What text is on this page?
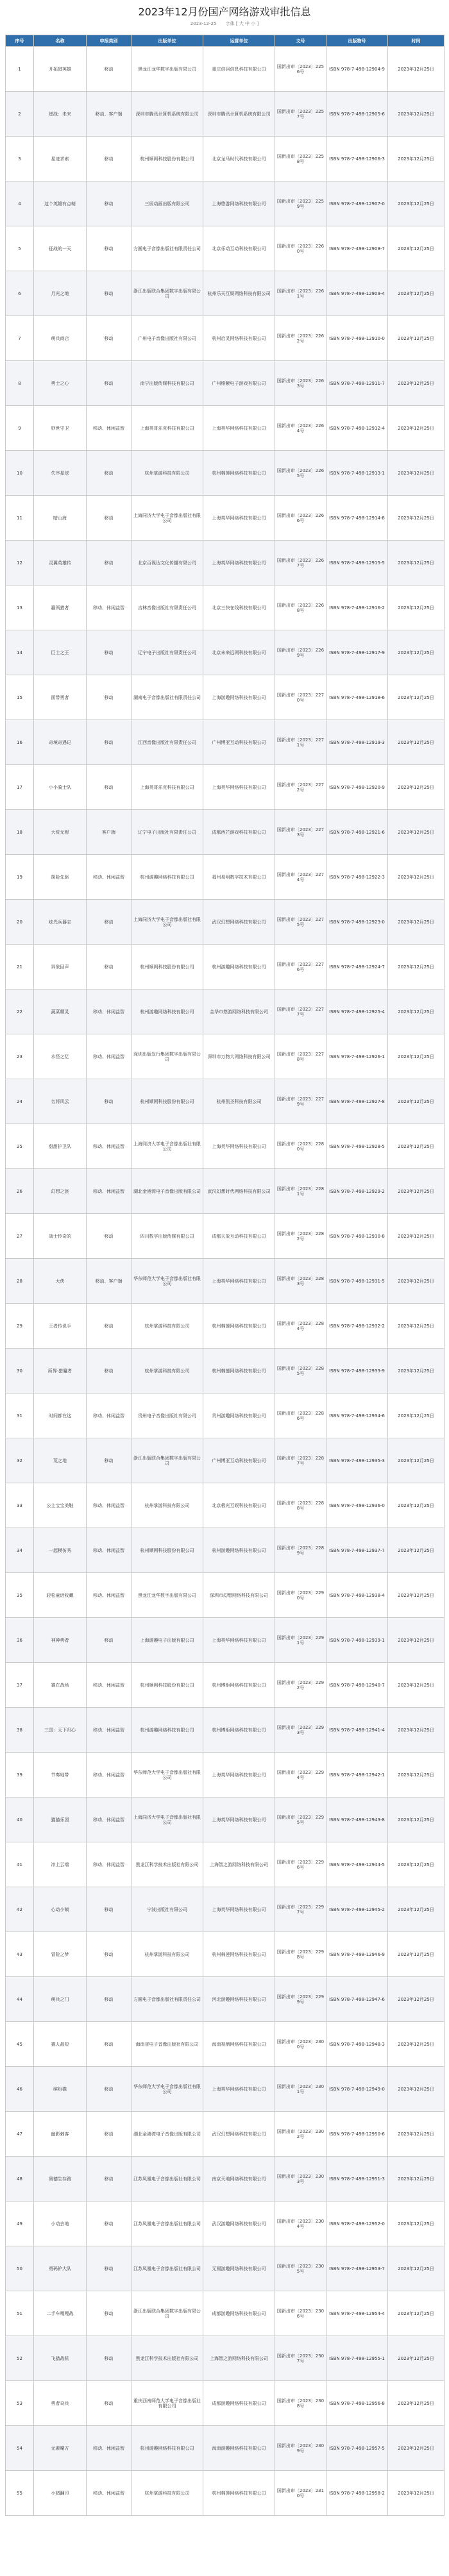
2023年12月份国产网络游戏审批信息
2023-12-25 字体 [ 大 中 小 ]
序号	名称	申报类别	出版单位	运营单位	文号	出版物号	时间
1	开拓猎英雄	移动	黑龙江龙华数字出版有限公司	重庆信码信息科技有限公司	国新出审〔2023〕2256号	ISBN 978-7-498-12904-9	2023年12月25日
2	逆战：未来	移动、客户端	深圳市腾讯计算机系统有限公司	深圳市腾讯计算机系统有限公司	国新出审〔2023〕2257号	ISBN 978-7-498-12905-6	2023年12月25日
3	星迹求索	移动	杭州顺网科技股份有限公司	北京龙马时代科技有限公司	国新出审〔2023〕2258号	ISBN 978-7-498-12906-3	2023年12月25日
4	这个英雄有点萌	移动	三辰动画出版有限公司	上海悠游网络科技有限公司	国新出审〔2023〕2259号	ISBN 978-7-498-12907-0	2023年12月25日
5	征战的一天	移动	方圆电子音像出版社有限责任公司	北京乐动互动科技有限公司	国新出审〔2023〕2260号	ISBN 978-7-498-12908-7	2023年12月25日
6	月光之地	移动	浙江出版联合集团数字出版有限公司	杭州乐天互娱网络科技有限公司	国新出审〔2023〕2261号	ISBN 978-7-498-12909-4	2023年12月25日
7	萌兵商店	移动	广州电子音像出版社有限公司	杭州启灵网络科技有限公司	国新出审〔2023〕2262号	ISBN 978-7-498-12910-0	2023年12月25日
8	勇士之心	移动	南宁出版传媒科技有限公司	广州绯紫电子游戏有限公司	国新出审〔2023〕2263号	ISBN 978-7-498-12911-7	2023年12月25日
9	妙世守卫	移动、休闲益智	上海英哥乐克科技有限公司	上海英华网络科技有限公司	国新出审〔2023〕2264号	ISBN 978-7-498-12912-4	2023年12月25日
10	失序星球	移动	杭州掌游科技有限公司	杭州棉莲网络科技有限公司	国新出审〔2023〕2265号	ISBN 978-7-498-12913-1	2023年12月25日
11	暗山海	移动	上海同济大学电子音像出版社有限公司	上海英华网络科技有限公司	国新出审〔2023〕2266号	ISBN 978-7-498-12914-8	2023年12月25日
12	灵翼英雄传	移动	北京百视达文化传播有限公司	上海英华网络科技有限公司	国新出审〔2023〕2267号	ISBN 978-7-498-12915-5	2023年12月25日
13	赢领猎者	移动、休闲益智	吉林音像出版社有限责任公司	北京三快在线科技有限公司	国新出审〔2023〕2268号	ISBN 978-7-498-12916-2	2023年12月25日
14	巨士之王	移动	辽宁电子出版社有限责任公司	北京未来远网科技有限公司	国新出审〔2023〕2269号	ISBN 978-7-498-12917-9	2023年12月25日
15	面带勇者	移动	湖南电子音像出版社有限责任公司	上海游趣网络科技有限公司	国新出审〔2023〕2270号	ISBN 978-7-498-12918-6	2023年12月25日
16	奇境奇遇记	移动	江西音像出版社有限责任公司	广州博亚互动科技有限公司	国新出审〔2023〕2271号	ISBN 978-7-498-12919-3	2023年12月25日
17	小小骑士队	移动	上海英哥乐克科技有限公司	上海英华网络科技有限公司	国新出审〔2023〕2272号	ISBN 978-7-498-12920-9	2023年12月25日
18	大荒无烬	客户端	辽宁电子出版社有限责任公司	成都西芒游戏科技有限公司	国新出审〔2023〕2273号	ISBN 978-7-498-12921-6	2023年12月25日
19	探险先驱	移动、休闲益智	杭州游趣网络科技有限公司	福州易明数字技术有限公司	国新出审〔2023〕2274号	ISBN 978-7-498-12922-3	2023年12月25日
20	炫光兵器志	移动	上海同济大学电子音像出版社有限公司	武汉幻想网络科技有限公司	国新出审〔2023〕2275号	ISBN 978-7-498-12923-0	2023年12月25日
21	异象回声	移动	杭州顺网科技股份有限公司	杭州游趣网络科技有限公司	国新出审〔2023〕2276号	ISBN 978-7-498-12924-7	2023年12月25日
22	蔬菜精灵	移动、休闲益智	杭州游趣网络科技有限公司	金华市悠游网络科技有限公司	国新出审〔2023〕2277号	ISBN 978-7-498-12925-4	2023年12月25日
23	水怪之忆	移动、休闲益智	深圳出版发行集团数字出版有限公司	深圳市万物大网络科技有限公司	国新出审〔2023〕2278号	ISBN 978-7-498-12926-1	2023年12月25日
24	名将风云	移动	杭州顺网科技股份有限公司	杭州凯圣科技有限公司	国新出审〔2023〕2279号	ISBN 978-7-498-12927-8	2023年12月25日
25	甜甜护卫队	移动、休闲益智	上海同济大学电子音像出版社有限公司	上海英华网络科技有限公司	国新出审〔2023〕2280号	ISBN 978-7-498-12928-5	2023年12月25日
26	幻想之旅	移动、休闲益智	湖北金港湾电子音像出版有限公司	武汉幻想时代网络科技有限公司	国新出审〔2023〕2281号	ISBN 978-7-498-12929-2	2023年12月25日
27	战士传奇的	移动	四川数字出版传媒有限公司	成都天象互动科技有限公司	国新出审〔2023〕2282号	ISBN 978-7-498-12930-8	2023年12月25日
28	大侠	移动、客户端	华东师范大学电子音像出版社有限公司	上海英华网络科技有限公司	国新出审〔2023〕2283号	ISBN 978-7-498-12931-5	2023年12月25日
29	王者传说手	移动	杭州掌游科技有限公司	杭州棉莲网络科技有限公司	国新出审〔2023〕2284号	ISBN 978-7-498-12932-2	2023年12月25日
30	所界·猎魔者	移动	杭州掌游科技有限公司	杭州棉莲网络科技有限公司	国新出审〔2023〕2285号	ISBN 978-7-498-12933-9	2023年12月25日
31	时间都在这	移动、休闲益智	贵州电子音像出版社有限公司	贵州游趣网络科技有限公司	国新出审〔2023〕2286号	ISBN 978-7-498-12934-6	2023年12月25日
32	荒之地	移动	浙江出版联合集团数字出版有限公司	广州博亚互动科技有限公司	国新出审〔2023〕2287号	ISBN 978-7-498-12935-3	2023年12月25日
33	公主宝宝美鞋	移动、休闲益智	杭州掌游科技有限公司	北京极光互娱科技有限公司	国新出审〔2023〕2288号	ISBN 978-7-498-12936-0	2023年12月25日
34	一起模仿秀	移动、休闲益智	杭州顺网科技股份有限公司	杭州游趣网络科技有限公司	国新出审〔2023〕2289号	ISBN 978-7-498-12937-7	2023年12月25日
35	轻松童话收藏	移动、休闲益智	黑龙江龙华数字出版有限公司	深圳市幻想网络科技有限公司	国新出审〔2023〕2290号	ISBN 978-7-498-12938-4	2023年12月25日
36	神神勇者	移动	上海游趣电子出版有限公司	上海英华网络科技有限公司	国新出审〔2023〕2291号	ISBN 978-7-498-12939-1	2023年12月25日
37	猫在战场	移动、休闲益智	杭州顺网科技股份有限公司	杭州博炬网络科技有限公司	国新出审〔2023〕2292号	ISBN 978-7-498-12940-7	2023年12月25日
38	三国：天下归心	移动、休闲益智	杭州游趣网络科技有限公司	杭州博炬网络科技有限公司	国新出审〔2023〕2293号	ISBN 978-7-498-12941-4	2023年12月25日
39	节奏地带	移动、休闲益智	华东师范大学电子音像出版社有限公司	上海英华网络科技有限公司	国新出审〔2023〕2294号	ISBN 978-7-498-12942-1	2023年12月25日
40	猫猫乐园	移动、休闲益智	上海同济大学电子音像出版社有限公司	上海英华网络科技有限公司	国新出审〔2023〕2295号	ISBN 978-7-498-12943-8	2023年12月25日
41	冲上云端	移动、休闲益智	黑龙江科学技术出版社有限公司	上海智之游网络科技有限公司	国新出审〔2023〕2296号	ISBN 978-7-498-12944-5	2023年12月25日
42	心动小镇	移动	宁波出版社有限公司	上海英华网络科技有限公司	国新出审〔2023〕2297号	ISBN 978-7-498-12945-2	2023年12月25日
43	冒险之梦	移动	杭州掌游科技有限公司	杭州棉莲网络科技有限公司	国新出审〔2023〕2298号	ISBN 978-7-498-12946-9	2023年12月25日
44	萌兵之门	移动	方圆电子音像出版社有限责任公司	河北游趣网络科技有限公司	国新出审〔2023〕2299号	ISBN 978-7-498-12947-6	2023年12月25日
45	猫人最短	移动	海南省电子音像出版社有限公司	海南视鼎网络科技有限公司	国新出审〔2023〕2300号	ISBN 978-7-498-12948-3	2023年12月25日
46	缤纷猫	移动	华东师范大学电子音像出版社有限公司	上海英华网络科技有限公司	国新出审〔2023〕2301号	ISBN 978-7-498-12949-0	2023年12月25日
47	幽影刺客	移动	湖北金港湾电子音像出版有限公司	武汉幻想网络科技有限公司	国新出审〔2023〕2302号	ISBN 978-7-498-12950-6	2023年12月25日
48	奥德生存路	移动	江苏凤凰电子音像出版社有限公司	南京天地网络科技有限公司	国新出审〔2023〕2303号	ISBN 978-7-498-12951-3	2023年12月25日
49	小动去地	移动	江苏凤凰电子音像出版社有限公司	武汉游趣网络科技有限公司	国新出审〔2023〕2304号	ISBN 978-7-498-12952-0	2023年12月25日
50	勇码铲大队	移动	江苏凤凰电子音像出版社有限公司	无锡游趣网络科技有限公司	国新出审〔2023〕2305号	ISBN 978-7-498-12953-7	2023年12月25日
51	二手车嘎嘎战	移动	浙江出版联合集团数字出版有限公司	成都游趣网络科技有限公司	国新出审〔2023〕2306号	ISBN 978-7-498-12954-4	2023年12月25日
52	飞猎战机	移动	黑龙江科学技术出版社有限公司	上海智之游网络科技有限公司	国新出审〔2023〕2307号	ISBN 978-7-498-12955-1	2023年12月25日
53	勇者奇兵	移动	重庆西南师范大学电子音像出版社有限公司	成都游趣网络科技有限公司	国新出审〔2023〕2308号	ISBN 978-7-498-12956-8	2023年12月25日
54	元素魔方	移动、休闲益智	杭州游趣网络科技有限公司	海南游趣网络科技有限公司	国新出审〔2023〕2309号	ISBN 978-7-498-12957-5	2023年12月25日
55	小猪翻印	移动、休闲益智	杭州掌游科技有限公司	杭州棉莲网络科技有限公司	国新出审〔2023〕2310号	ISBN 978-7-498-12958-2	2023年12月25日
